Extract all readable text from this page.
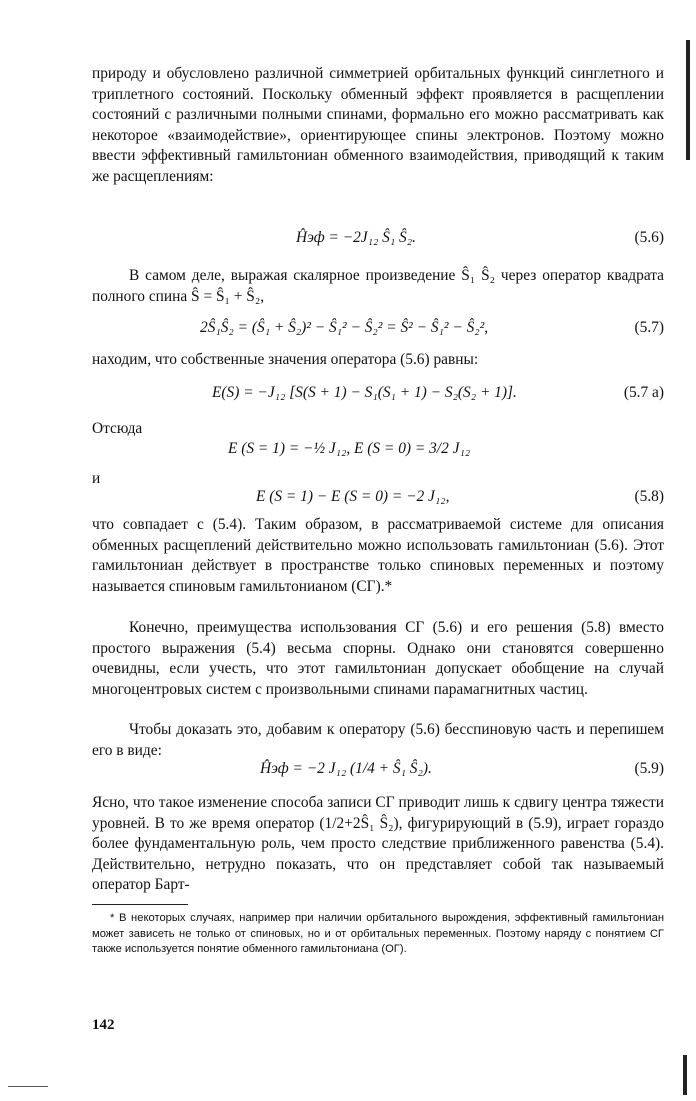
природу и обусловлено различной симметрией орбитальных функций синглетного и триплетного состояний. Поскольку обменный эффект проявляется в расщеплении состояний с различными полными спинами, формально его можно рассматривать как некоторое «взаимодействие», ориентирующее спины электронов. Поэтому можно ввести эффективный гамильтониан обменного взаимодействия, приводящий к таким же расщеплениям:
Ĥэф = −2J₁₂ Ŝ₁ Ŝ₂.	(5.6)
В самом деле, выражая скалярное произведение Ŝ₁ Ŝ₂ через оператор квадрата полного спина Ŝ = Ŝ₁ + Ŝ₂,
2Ŝ₁Ŝ₂ = (Ŝ₁ + Ŝ₂)² − Ŝ₁² − Ŝ₂² = Ŝ² − Ŝ₁² − Ŝ₂²,	(5.7)
находим, что собственные значения оператора (5.6) равны:
E(S) = −J₁₂ [S(S + 1) − S₁(S₁ + 1) − S₂(S₂ + 1)].	(5.7 а)
Отсюда
E (S = 1) = −½ J₁₂, E (S = 0) = 3/2 J₁₂
и
E (S = 1) − E (S = 0) = −2 J₁₂,	(5.8)
что совпадает с (5.4). Таким образом, в рассматриваемой системе для описания обменных расщеплений действительно можно использовать гамильтониан (5.6). Этот гамильтониан действует в пространстве только спиновых переменных и поэтому называется спиновым гамильтонианом (СГ).*
Конечно, преимущества использования СГ (5.6) и его решения (5.8) вместо простого выражения (5.4) весьма спорны. Однако они становятся совершенно очевидны, если учесть, что этот гамильтониан допускает обобщение на случай многоцентровых систем с произвольными спинами парамагнитных частиц.
Чтобы доказать это, добавим к оператору (5.6) бесспиновую часть и перепишем его в виде:
Ĥэф = −2 J₁₂ (1/4 + Ŝ₁ Ŝ₂).	(5.9)
Ясно, что такое изменение способа записи СГ приводит лишь к сдвигу центра тяжести уровней. В то же время оператор (1/2+2Ŝ₁ Ŝ₂), фигурирующий в (5.9), играет гораздо более фундаментальную роль, чем просто следствие приближенного равенства (5.4). Действительно, нетрудно показать, что он представляет собой так называемый оператор Барт-
* В некоторых случаях, например при наличии орбитального вырождения, эффективный гамильтониан может зависеть не только от спиновых, но и от орбитальных переменных. Поэтому наряду с понятием СГ также используется понятие обменного гамильтониана (ОГ).
142
